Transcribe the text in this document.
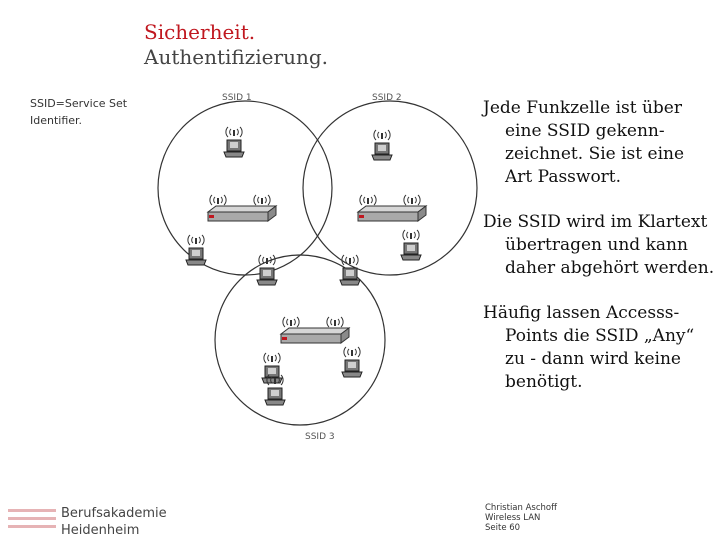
Sicherheit.
Authentifizierung.
SSID=Service Set Identifier.
SSID 1	SSID 2
SSID 3
Jede Funkzelle ist über eine SSID gekenn-zeichnet. Sie ist eine Art Passwort.
Die SSID wird im Klartext übertragen und kann daher abgehört werden.
Häufig lassen Accesss-Points die SSID „Any“ zu - dann wird keine benötigt.
Berufsakademie
Heidenheim
Christian Aschoff
Wireless LAN
Seite 60
